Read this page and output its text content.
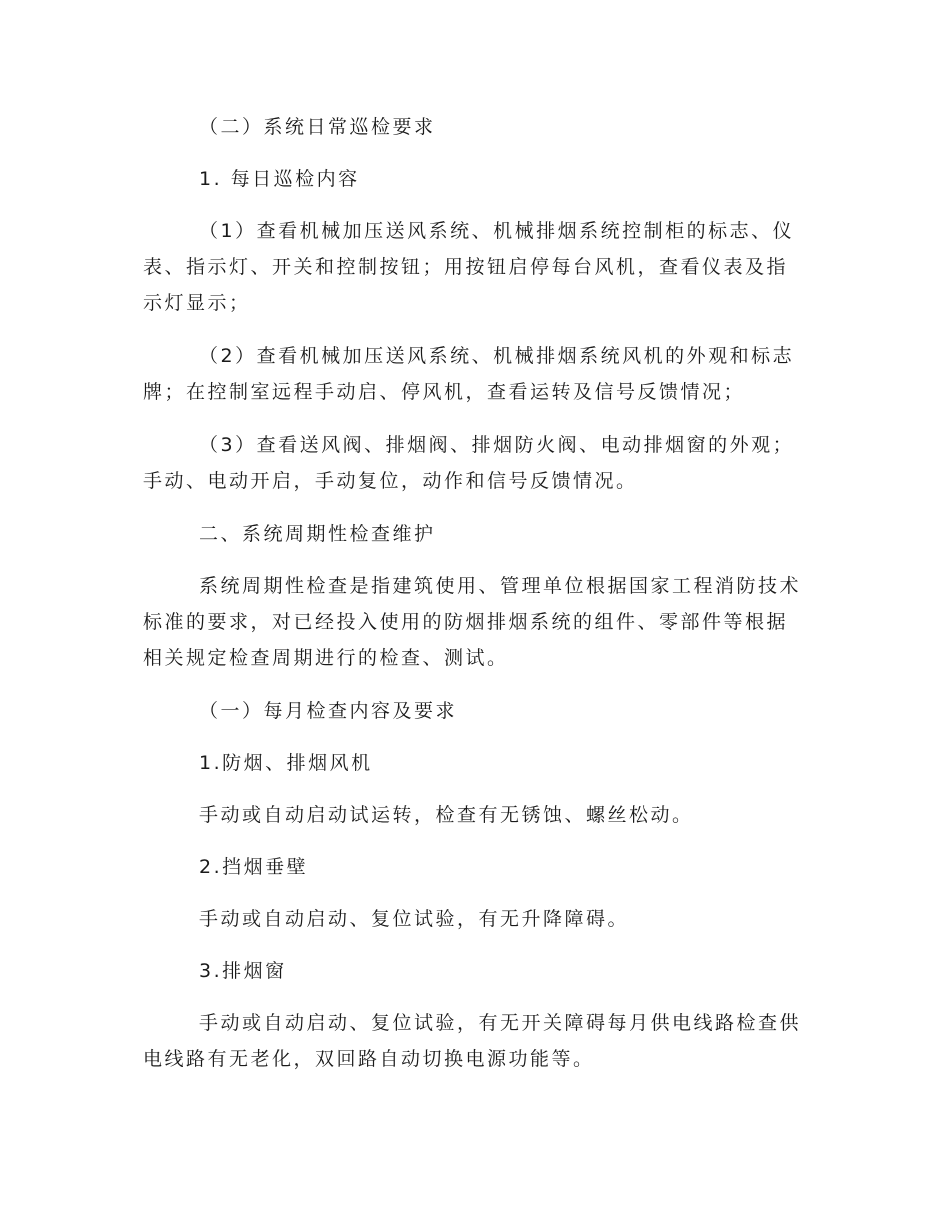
（二）系统日常巡检要求

1. 每日巡检内容

（1）查看机械加压送风系统、机械排烟系统控制柜的标志、仪表、指示灯、开关和控制按钮；用按钮启停每台风机，查看仪表及指示灯显示；

（2）查看机械加压送风系统、机械排烟系统风机的外观和标志牌；在控制室远程手动启、停风机，查看运转及信号反馈情况；

（3）查看送风阀、排烟阀、排烟防火阀、电动排烟窗的外观；手动、电动开启，手动复位，动作和信号反馈情况。

二、系统周期性检查维护

系统周期性检查是指建筑使用、管理单位根据国家工程消防技术标准的要求，对已经投入使用的防烟排烟系统的组件、零部件等根据相关规定检查周期进行的检查、测试。

（一）每月检查内容及要求

1.防烟、排烟风机

手动或自动启动试运转，检查有无锈蚀、螺丝松动。

2.挡烟垂壁

手动或自动启动、复位试验，有无升降障碍。

3.排烟窗

手动或自动启动、复位试验，有无开关障碍每月供电线路检查供电线路有无老化，双回路自动切换电源功能等。
